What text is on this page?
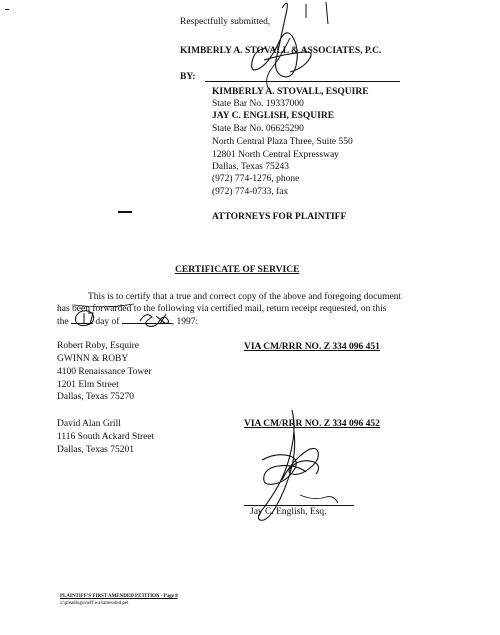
Respectfully submitted,
KIMBERLY A. STOVALL & ASSOCIATES, P.C.
BY:
KIMBERLY A. STOVALL, ESQUIRE
State Bar No. 19337000
JAY C. ENGLISH, ESQUIRE
State Bar No. 06625290
North Central Plaza Three, Suite 550
12801 North Central Expressway
Dallas, Texas 75243
(972) 774-1276, phone
(972) 774-0733, fax
ATTORNEYS FOR PLAINTIFF
CERTIFICATE OF SERVICE
This is to certify that a true and correct copy of the above and foregoing document
has been forwarded to the following via certified mail, return receipt requested, on this
the	day of	, 1997:
Robert Roby, Esquire
GWINN & ROBY
4100 Renaissance Tower
1201 Elm Street
Dallas, Texas 75270
VIA CM/RRR NO. Z 334 096 451
David Alan Grill
1116 South Ackard Street
Dallas, Texas 75201
VIA CM/RRR NO. Z 334 096 452
Jay C. English, Esq.
PLAINTIFF'S FIRST AMENDED PETITION - Page 8
s:\pleadings\neff.wal\amended.pet
